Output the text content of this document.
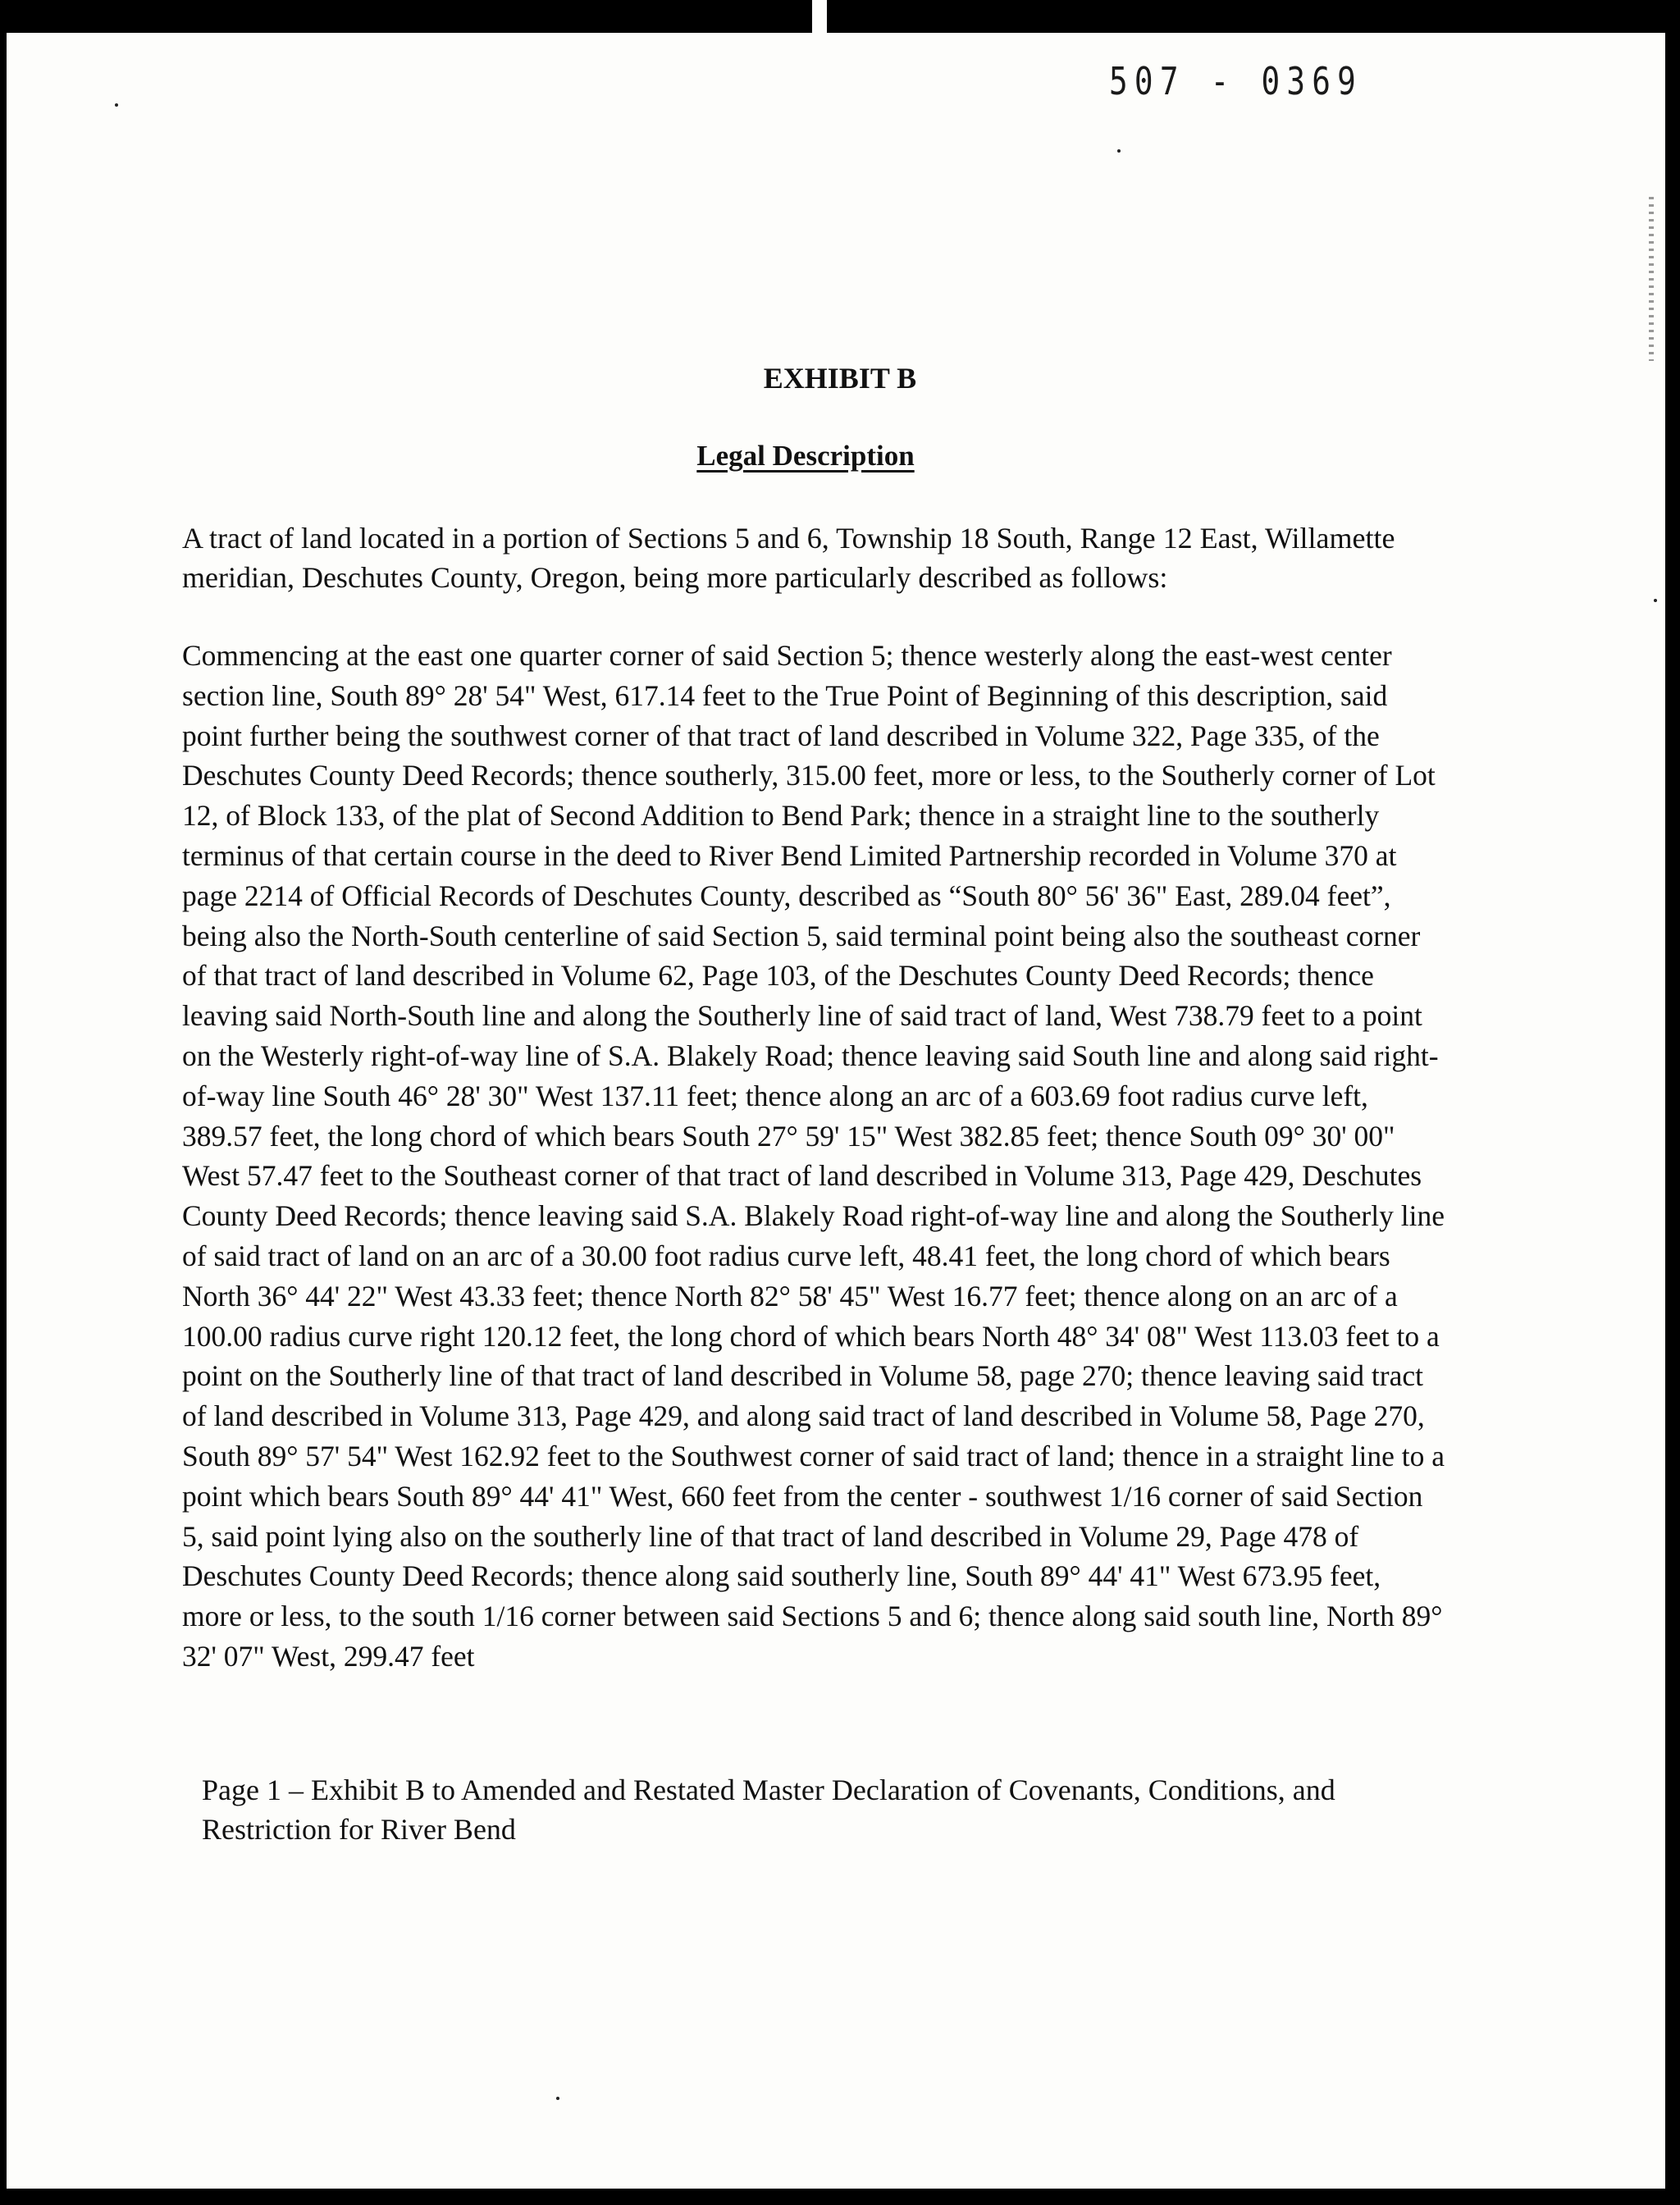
507 - 0369
EXHIBIT B
Legal Description
A tract of land located in a portion of Sections 5 and 6, Township 18 South, Range 12 East, Willamette meridian, Deschutes County, Oregon, being more particularly described as follows:
Commencing at the east one quarter corner of said Section 5; thence westerly along the east-west center section line, South 89° 28' 54" West, 617.14 feet to the True Point of Beginning of this description, said point further being the southwest corner of that tract of land described in Volume 322, Page 335, of the Deschutes County Deed Records; thence southerly, 315.00 feet, more or less, to the Southerly corner of Lot 12, of Block 133, of the plat of Second Addition to Bend Park; thence in a straight line to the southerly terminus of that certain course in the deed to River Bend Limited Partnership recorded in Volume 370 at page 2214 of Official Records of Deschutes County, described as “South 80° 56' 36" East, 289.04 feet”, being also the North-South centerline of said Section 5, said terminal point being also the southeast corner of that tract of land described in Volume 62, Page 103, of the Deschutes County Deed Records; thence leaving said North-South line and along the Southerly line of said tract of land, West 738.79 feet to a point on the Westerly right-of-way line of S.A. Blakely Road; thence leaving said South line and along said right-of-way line South 46° 28' 30" West 137.11 feet; thence along an arc of a 603.69 foot radius curve left, 389.57 feet, the long chord of which bears South 27° 59' 15" West 382.85 feet; thence South 09° 30' 00" West 57.47 feet to the Southeast corner of that tract of land described in Volume 313, Page 429, Deschutes County Deed Records; thence leaving said S.A. Blakely Road right-of-way line and along the Southerly line of said tract of land on an arc of a 30.00 foot radius curve left, 48.41 feet, the long chord of which bears North 36° 44' 22" West 43.33 feet; thence North 82° 58' 45" West 16.77 feet; thence along on an arc of a 100.00 radius curve right 120.12 feet, the long chord of which bears North 48° 34' 08" West 113.03 feet to a point on the Southerly line of that tract of land described in Volume 58, page 270; thence leaving said tract of land described in Volume 313, Page 429, and along said tract of land described in Volume 58, Page 270, South 89° 57' 54" West 162.92 feet to the Southwest corner of said tract of land; thence in a straight line to a point which bears South 89° 44' 41" West, 660 feet from the center - southwest 1/16 corner of said Section 5, said point lying also on the southerly line of that tract of land described in Volume 29, Page 478 of Deschutes County Deed Records; thence along said southerly line, South 89° 44' 41" West 673.95 feet, more or less, to the south 1/16 corner between said Sections 5 and 6; thence along said south line, North 89° 32' 07" West, 299.47 feet
Page 1 – Exhibit B to Amended and Restated Master Declaration of Covenants, Conditions, and Restriction for River Bend
